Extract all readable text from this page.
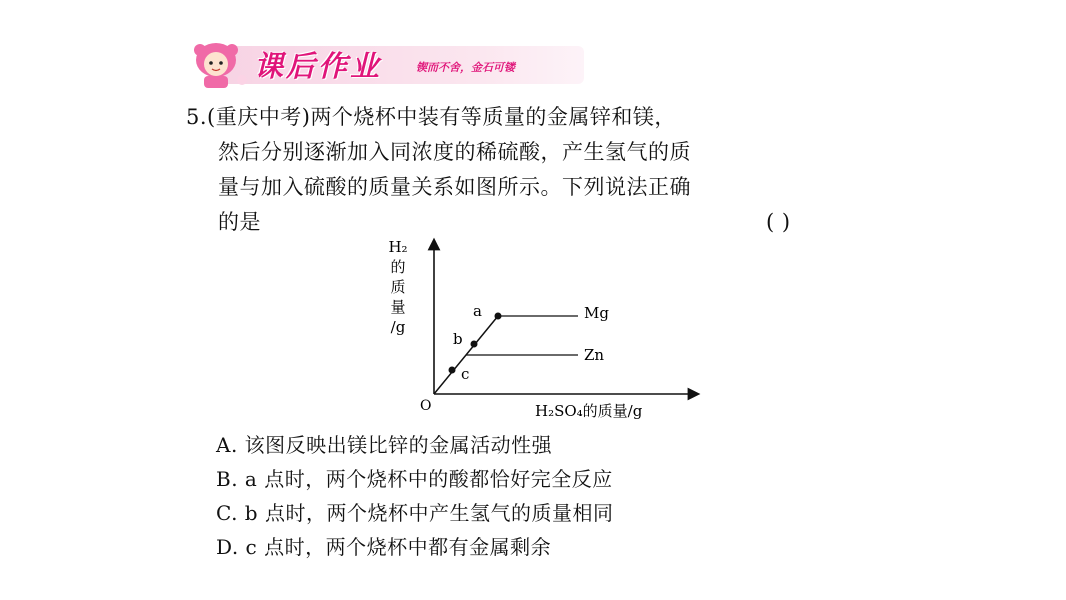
课后作业	锲而不舍，金石可镂
5.(重庆中考)两个烧杯中装有等质量的金属锌和镁，
然后分别逐渐加入同浓度的稀硫酸，产生氢气的质
量与加入硫酸的质量关系如图所示。下列说法正确
的是	( )
H₂
的
质
量
/g
O	H₂SO₄的质量/g
a
b
c
Mg
Zn
A. 该图反映出镁比锌的金属活动性强
B. a 点时，两个烧杯中的酸都恰好完全反应
C. b 点时，两个烧杯中产生氢气的质量相同
D. c 点时，两个烧杯中都有金属剩余
